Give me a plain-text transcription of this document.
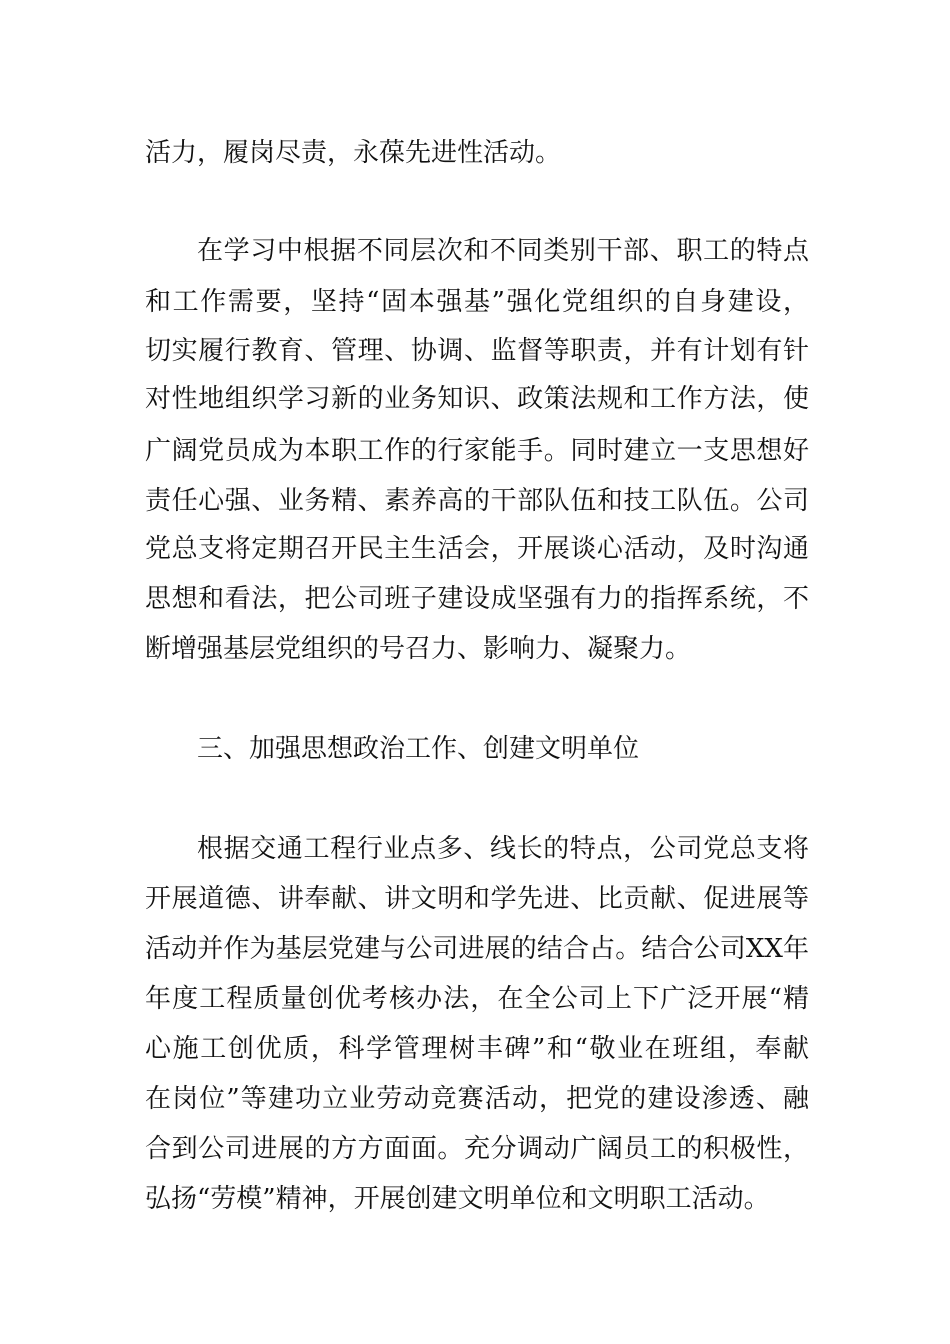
活力，履岗尽责，永葆先进性活动。
在学习中根据不同层次和不同类别干部、职工的特点
和工作需要，坚持“固本强基”强化党组织的自身建设，
切实履行教育、管理、协调、监督等职责，并有计划有针
对性地组织学习新的业务知识、政策法规和工作方法，使
广阔党员成为本职工作的行家能手。同时建立一支思想好
责任心强、业务精、素养高的干部队伍和技工队伍。公司
党总支将定期召开民主生活会，开展谈心活动，及时沟通
思想和看法，把公司班子建设成坚强有力的指挥系统，不
断增强基层党组织的号召力、影响力、凝聚力。
三、加强思想政治工作、创建文明单位
根据交通工程行业点多、线长的特点，公司党总支将
开展道德、讲奉献、讲文明和学先进、比贡献、促进展等
活动并作为基层党建与公司进展的结合占。结合公司XX年
年度工程质量创优考核办法，在全公司上下广泛开展“精
心施工创优质，科学管理树丰碑”和“敬业在班组，奉献
在岗位”等建功立业劳动竞赛活动，把党的建设渗透、融
合到公司进展的方方面面。充分调动广阔员工的积极性，
弘扬“劳模”精神，开展创建文明单位和文明职工活动。
